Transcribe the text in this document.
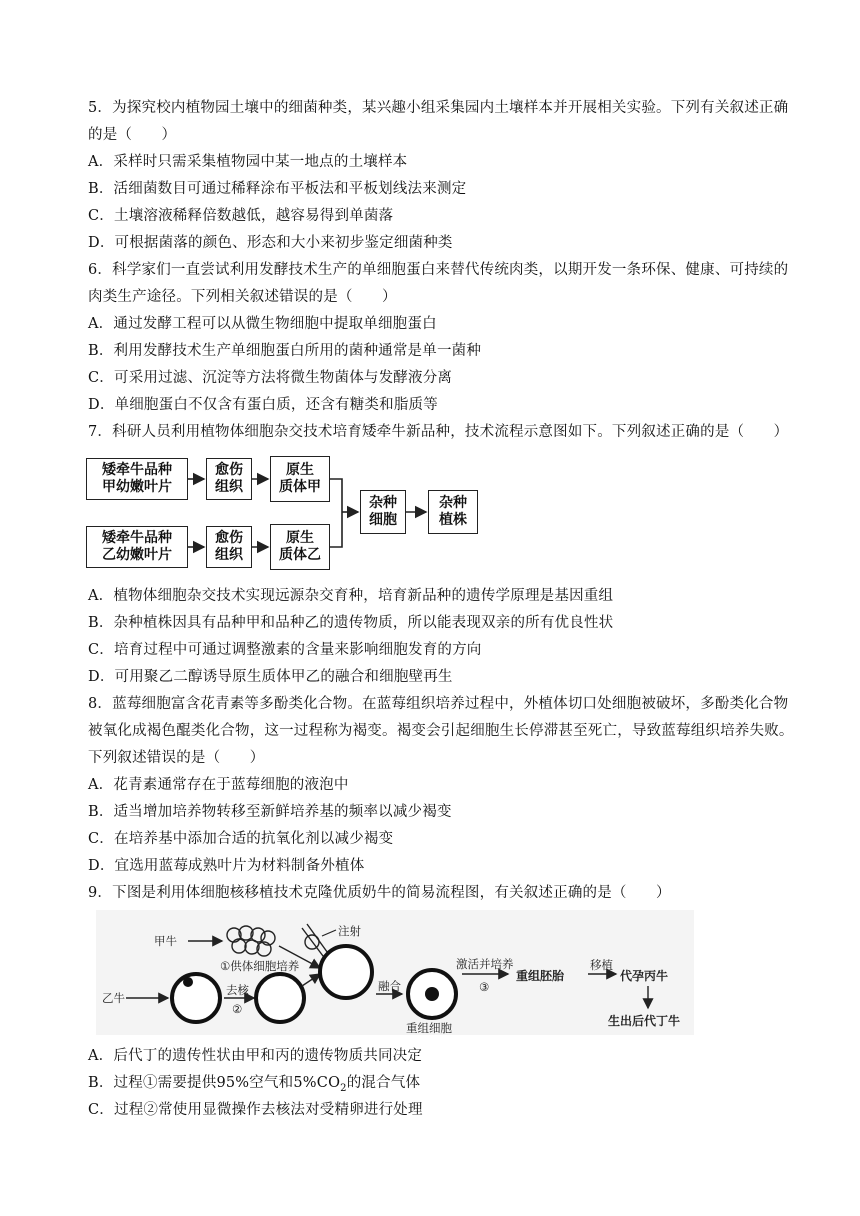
5．为探究校内植物园土壤中的细菌种类，某兴趣小组采集园内土壤样本并开展相关实验。下列有关叙述正确
的是（　　）
A．采样时只需采集植物园中某一地点的土壤样本
B．活细菌数目可通过稀释涂布平板法和平板划线法来测定
C．土壤溶液稀释倍数越低，越容易得到单菌落
D．可根据菌落的颜色、形态和大小来初步鉴定细菌种类
6．科学家们一直尝试利用发酵技术生产的单细胞蛋白来替代传统肉类，以期开发一条环保、健康、可持续的
肉类生产途径。下列相关叙述错误的是（　　）
A．通过发酵工程可以从微生物细胞中提取单细胞蛋白
B．利用发酵技术生产单细胞蛋白所用的菌种通常是单一菌种
C．可采用过滤、沉淀等方法将微生物菌体与发酵液分离
D．单细胞蛋白不仅含有蛋白质，还含有糖类和脂质等
7．科研人员利用植物体细胞杂交技术培育矮牵牛新品种，技术流程示意图如下。下列叙述正确的是（　　）
矮牵牛品种
甲幼嫩叶片
愈伤
组织
原生
质体甲
矮牵牛品种
乙幼嫩叶片
愈伤
组织
原生
质体乙
杂种
细胞
杂种
植株
A．植物体细胞杂交技术实现远源杂交育种，培育新品种的遗传学原理是基因重组
B．杂种植株因具有品种甲和品种乙的遗传物质，所以能表现双亲的所有优良性状
C．培育过程中可通过调整激素的含量来影响细胞发育的方向
D．可用聚乙二醇诱导原生质体甲乙的融合和细胞壁再生
8．蓝莓细胞富含花青素等多酚类化合物。在蓝莓组织培养过程中，外植体切口处细胞被破坏，多酚类化合物
被氧化成褐色醌类化合物，这一过程称为褐变。褐变会引起细胞生长停滞甚至死亡，导致蓝莓组织培养失败。
下列叙述错误的是（　　）
A．花青素通常存在于蓝莓细胞的液泡中
B．适当增加培养物转移至新鲜培养基的频率以减少褐变
C．在培养基中添加合适的抗氧化剂以减少褐变
D．宜选用蓝莓成熟叶片为材料制备外植体
9．下图是利用体细胞核移植技术克隆优质奶牛的简易流程图，有关叙述正确的是（　　）
甲牛
①供体细胞培养
注射
乙牛
去核
②
融合
重组细胞
激活并培养
③
重组胚胎
移植
代孕丙牛
生出后代丁牛
A．后代丁的遗传性状由甲和丙的遗传物质共同决定
B．过程①需要提供95%空气和$5\%CO_2$的混合气体
C．过程②常使用显微操作去核法对受精卵进行处理
